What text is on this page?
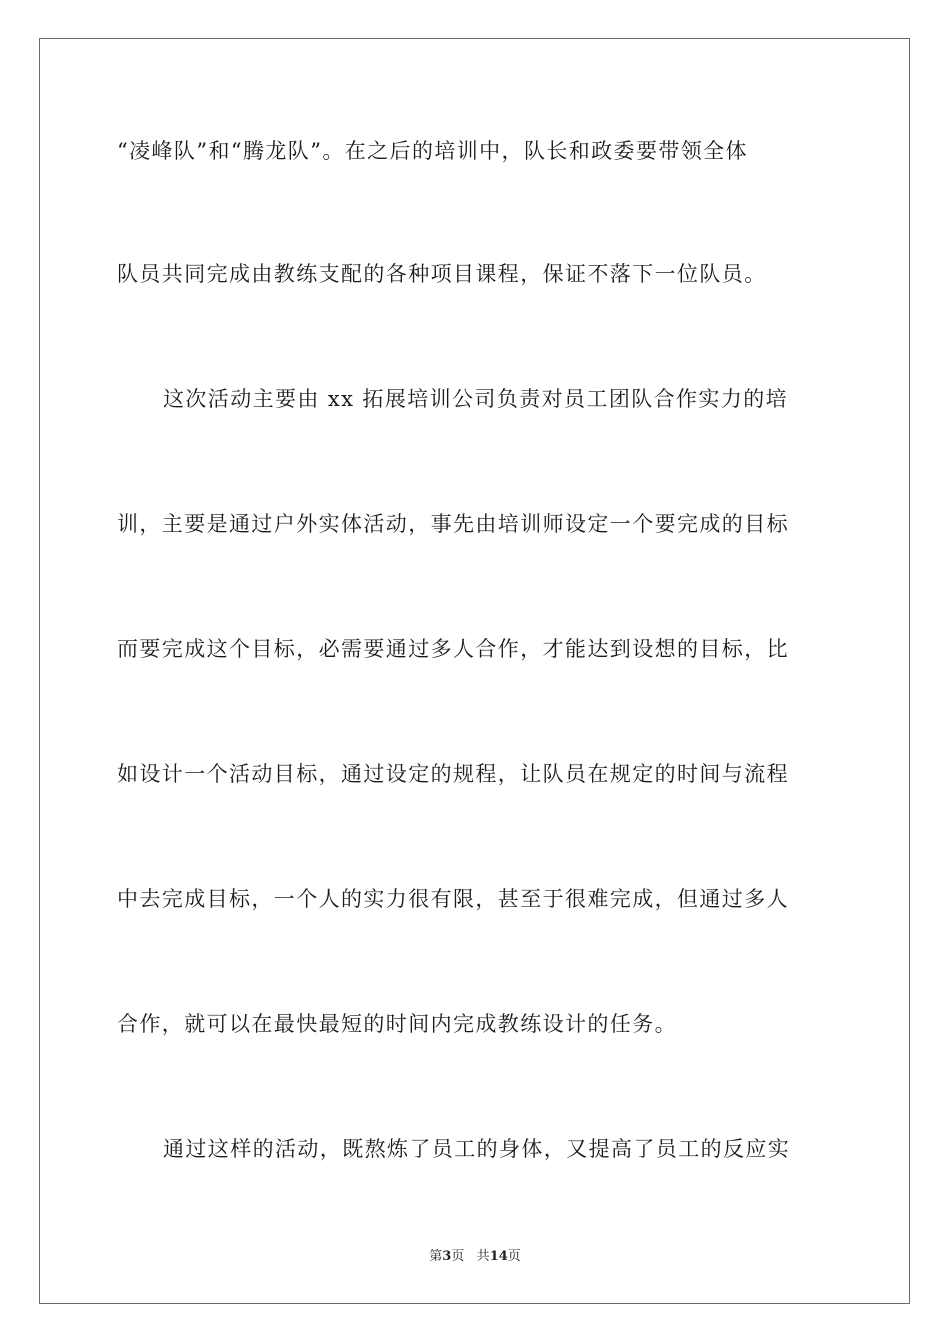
“凌峰队”和“腾龙队”。在之后的培训中，队长和政委要带领全体
队员共同完成由教练支配的各种项目课程，保证不落下一位队员。
这次活动主要由 xx 拓展培训公司负责对员工团队合作实力的培
训，主要是通过户外实体活动，事先由培训师设定一个要完成的目标
而要完成这个目标，必需要通过多人合作，才能达到设想的目标，比
如设计一个活动目标，通过设定的规程，让队员在规定的时间与流程
中去完成目标，一个人的实力很有限，甚至于很难完成，但通过多人
合作，就可以在最快最短的时间内完成教练设计的任务。
通过这样的活动，既熬炼了员工的身体，又提高了员工的反应实
第3页 共14页
